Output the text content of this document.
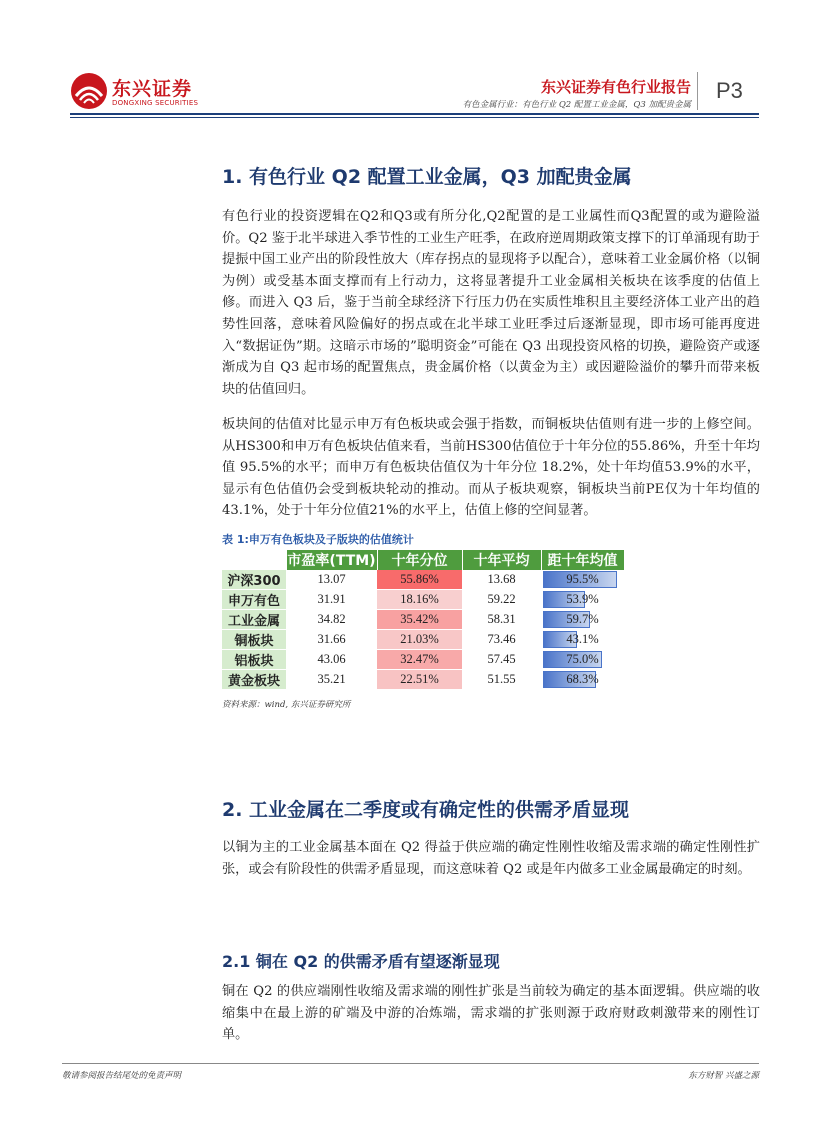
东兴证券
DONGXING SECURITIES
东兴证券有色行业报告
有色金属行业：有色行业 Q2 配置工业金属，Q3 加配贵金属
P3
1. 有色行业 Q2 配置工业金属，Q3 加配贵金属
有色行业的投资逻辑在Q2和Q3或有所分化,Q2配置的是工业属性而Q3配置的或为避险溢价。Q2 鉴于北半球进入季节性的工业生产旺季，在政府逆周期政策支撑下的订单涌现有助于提振中国工业产出的阶段性放大（库存拐点的显现将予以配合），意味着工业金属价格（以铜为例）或受基本面支撑而有上行动力，这将显著提升工业金属相关板块在该季度的估值上修。而进入 Q3 后，鉴于当前全球经济下行压力仍在实质性堆积且主要经济体工业产出的趋势性回落，意味着风险偏好的拐点或在北半球工业旺季过后逐渐显现，即市场可能再度进入“数据证伪”期。这暗示市场的”聪明资金”可能在 Q3 出现投资风格的切换，避险资产或逐渐成为自 Q3 起市场的配置焦点，贵金属价格（以黄金为主）或因避险溢价的攀升而带来板块的估值回归。
板块间的估值对比显示申万有色板块或会强于指数，而铜板块估值则有进一步的上修空间。从HS300和申万有色板块估值来看，当前HS300估值位于十年分位的55.86%，升至十年均值 95.5%的水平；而申万有色板块估值仅为十年分位 18.2%，处十年均值53.9%的水平，显示有色估值仍会受到板块轮动的推动。而从子板块观察，铜板块当前PE仅为十年均值的43.1%，处于十年分位值21%的水平上，估值上修的空间显著。
表 1:申万有色板块及子版块的估值统计
	市盈率(TTM)	十年分位	十年平均	距十年均值
沪深300	13.07	55.86%	13.68	95.5%
申万有色	31.91	18.16%	59.22	53.9%
工业金属	34.82	35.42%	58.31	59.7%
铜板块	31.66	21.03%	73.46	43.1%
铝板块	43.06	32.47%	57.45	75.0%
黄金板块	35.21	22.51%	51.55	68.3%
资料来源：wind, 东兴证券研究所
2. 工业金属在二季度或有确定性的供需矛盾显现
以铜为主的工业金属基本面在 Q2 得益于供应端的确定性刚性收缩及需求端的确定性刚性扩张，或会有阶段性的供需矛盾显现，而这意味着 Q2 或是年内做多工业金属最确定的时刻。
2.1 铜在 Q2 的供需矛盾有望逐渐显现
铜在 Q2 的供应端刚性收缩及需求端的刚性扩张是当前较为确定的基本面逻辑。供应端的收缩集中在最上游的矿端及中游的冶炼端，需求端的扩张则源于政府财政刺激带来的刚性订单。
敬请参阅报告结尾处的免责声明	东方财智 兴盛之源
